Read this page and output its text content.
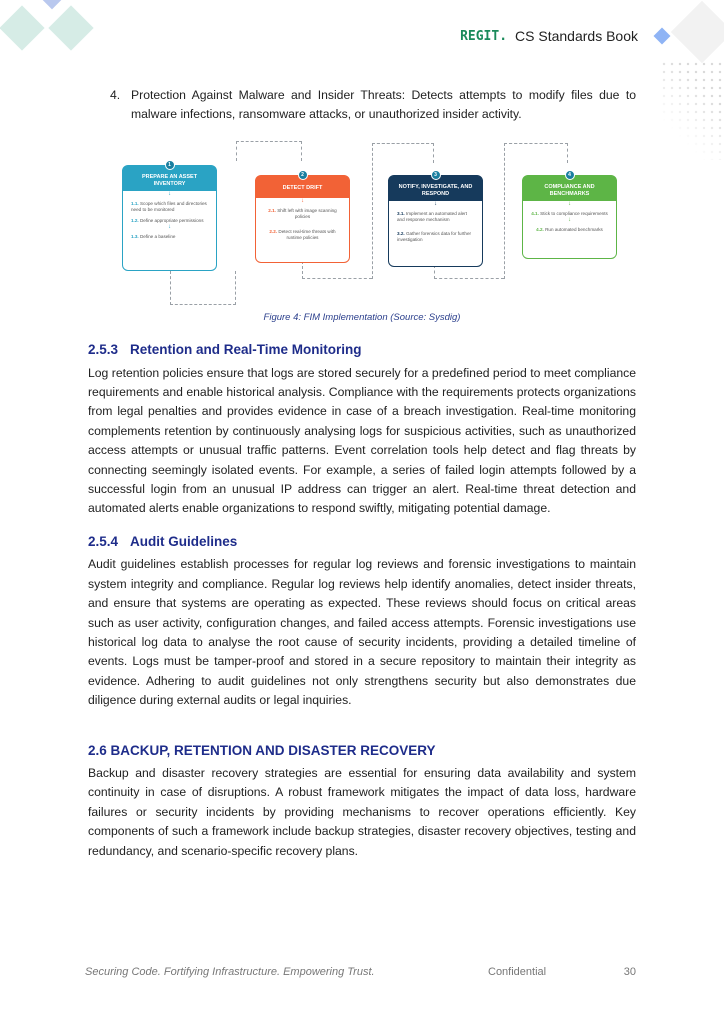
REGIT. CS Standards Book
4. Protection Against Malware and Insider Threats: Detects attempts to modify files due to malware infections, ransomware attacks, or unauthorized insider activity.
1
PREPARE AN ASSET INVENTORY
↓
1.1. Scope which files and directories need to be monitored
1.2. Define appropriate permissions
↓
1.3. Define a baseline
2
DETECT DRIFT
↓
2.1. Shift left with image scanning policies
2.2. Detect real-time threats with runtime policies
3
NOTIFY, INVESTIGATE, AND RESPOND
↓
3.1. Implement an automated alert and response mechanism
3.2. Gather forensics data for further investigation
4
COMPLIANCE AND BENCHMARKS
↓
4.1. Stick to compliance requirements
↓
4.2. Run automated benchmarks
Figure 4: FIM Implementation (Source: Sysdig)
2.5.3 Retention and Real-Time Monitoring

Log retention policies ensure that logs are stored securely for a predefined period to meet compliance requirements and enable historical analysis. Compliance with the requirements protects organizations from legal penalties and provides evidence in case of a breach investigation. Real-time monitoring complements retention by continuously analysing logs for suspicious activities, such as unauthorized access attempts or unusual traffic patterns. Event correlation tools help detect and flag threats by connecting seemingly isolated events. For example, a series of failed login attempts followed by a successful login from an unusual IP address can trigger an alert. Real-time threat detection and automated alerts enable organizations to respond swiftly, mitigating potential damage.

2.5.4 Audit Guidelines

Audit guidelines establish processes for regular log reviews and forensic investigations to maintain system integrity and compliance. Regular log reviews help identify anomalies, detect insider threats, and ensure that systems are operating as expected. These reviews should focus on critical areas such as user activity, configuration changes, and failed access attempts. Forensic investigations use historical log data to analyse the root cause of security incidents, providing a detailed timeline of events. Logs must be tamper-proof and stored in a secure repository to maintain their integrity as evidence. Adhering to audit guidelines not only strengthens security but also demonstrates due diligence during external audits or legal inquiries.

2.6 BACKUP, RETENTION AND DISASTER RECOVERY

Backup and disaster recovery strategies are essential for ensuring data availability and system continuity in case of disruptions. A robust framework mitigates the impact of data loss, hardware failures or security incidents by providing mechanisms to recover operations efficiently. Key components of such a framework include backup strategies, disaster recovery objectives, testing and redundancy, and scenario-specific recovery plans.

Securing Code. Fortifying Infrastructure. Empowering Trust.	Confidential	30
